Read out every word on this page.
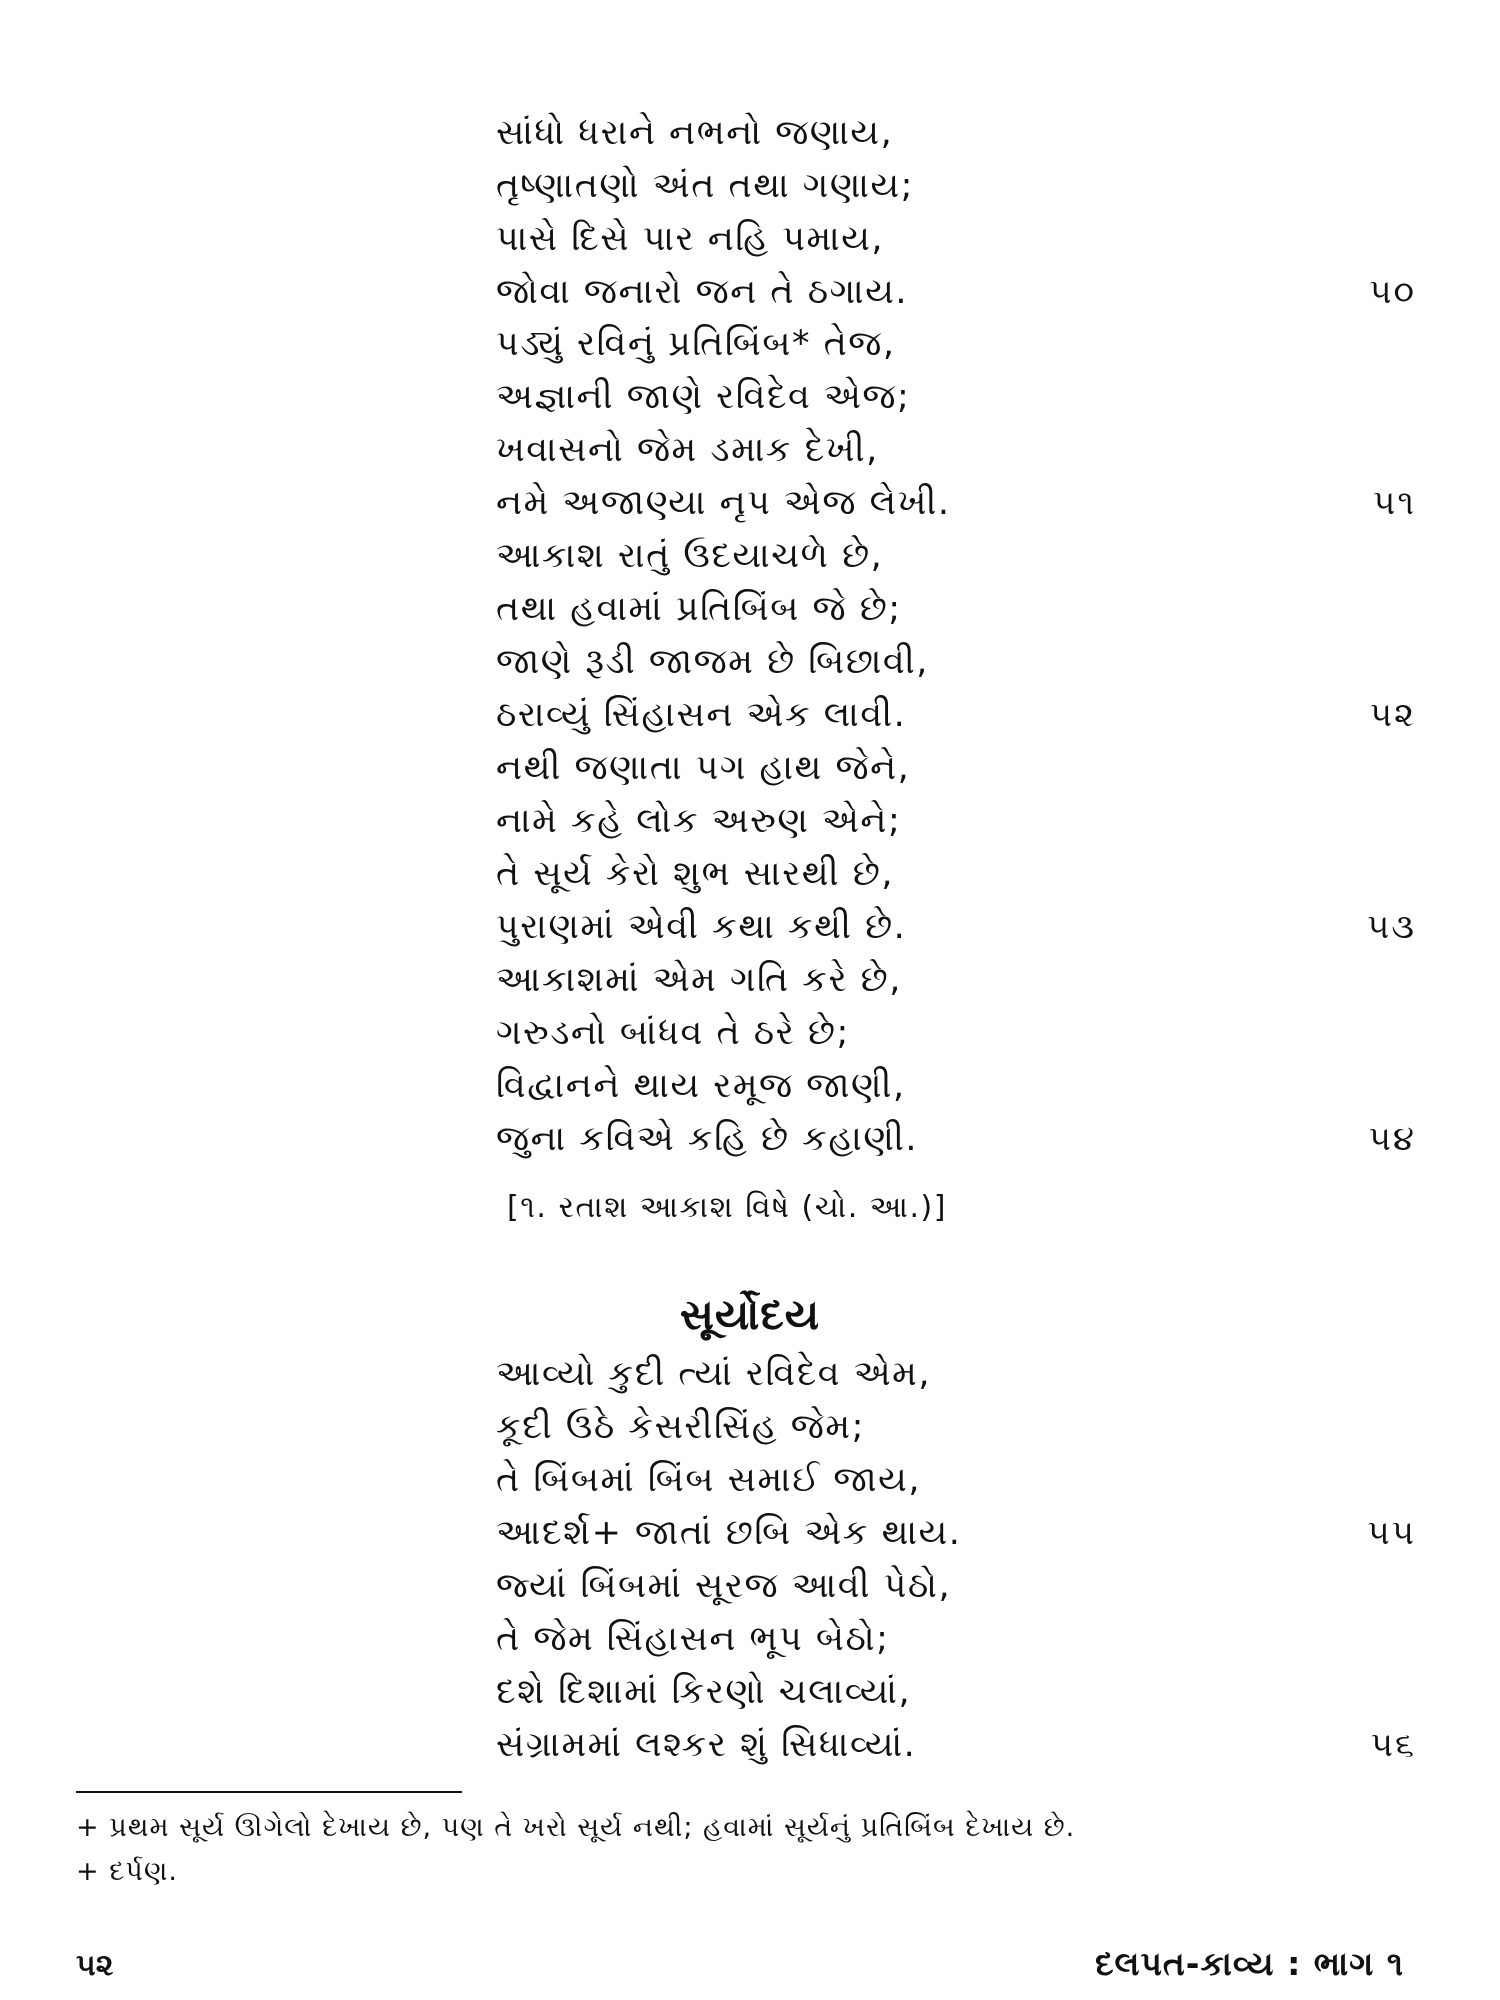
સાંધો ધરાને નભનો જણાય,
તૃષ્ણાતણો અંત તથા ગણાય;
પાસે દિસે પાર નહિ પમાય,
જોવા જનારો જન તે ઠગાય.	૫૦
પડ્યું રવિનું પ્રતિબિંબ* તેજ,
અજ્ઞાની જાણે રવિદેવ એજ;
ખવાસનો જેમ ડમાક દેખી,
નમે અજાણ્યા નૃપ એજ લેખી.	૫૧
આકાશ રાતું ઉદયાચળે છે,
તથા હવામાં પ્રતિબિંબ જે છે;
જાણે રૂડી જાજમ છે બિછાવી,
ઠરાવ્યું સિંહાસન એક લાવી.	૫૨
નથી જણાતા પગ હાથ જેને,
નામે કહે લોક અરુણ એને;
તે સૂર્ય કેરો શુભ સારથી છે,
પુરાણમાં એવી કથા કથી છે.	૫૩
આકાશમાં એમ ગતિ કરે છે,
ગરુડનો બાંધવ તે ઠરે છે;
વિદ્વાનને થાય રમૂજ જાણી,
જુના કવિએ કહિ છે કહાણી.	૫૪
[૧. રતાશ આકાશ વિષે (ચો. આ.)]
સૂર્યોદય
આવ્યો કુદી ત્યાં રવિદેવ એમ,
કૂદી ઉઠે કેસરીસિંહ જેમ;
તે બિંબમાં બિંબ સમાઈ જાય,
આદર્શ+ જાતાં છબિ એક થાય.	૫૫
જ્યાં બિંબમાં સૂરજ આવી પેઠો,
તે જેમ સિંહાસન ભૂપ બેઠો;
દશે દિશામાં કિરણો ચલાવ્યાં,
સંગ્રામમાં લશ્કર શું સિધાવ્યાં.	૫૬
+ પ્રથમ સૂર્ય ઊગેલો દેખાય છે, પણ તે ખરો સૂર્ય નથી; હવામાં સૂર્યનું પ્રતિબિંબ દેખાય છે.
+ દર્પણ.
૫૨	દલપત-કાવ્ય : ભાગ ૧
